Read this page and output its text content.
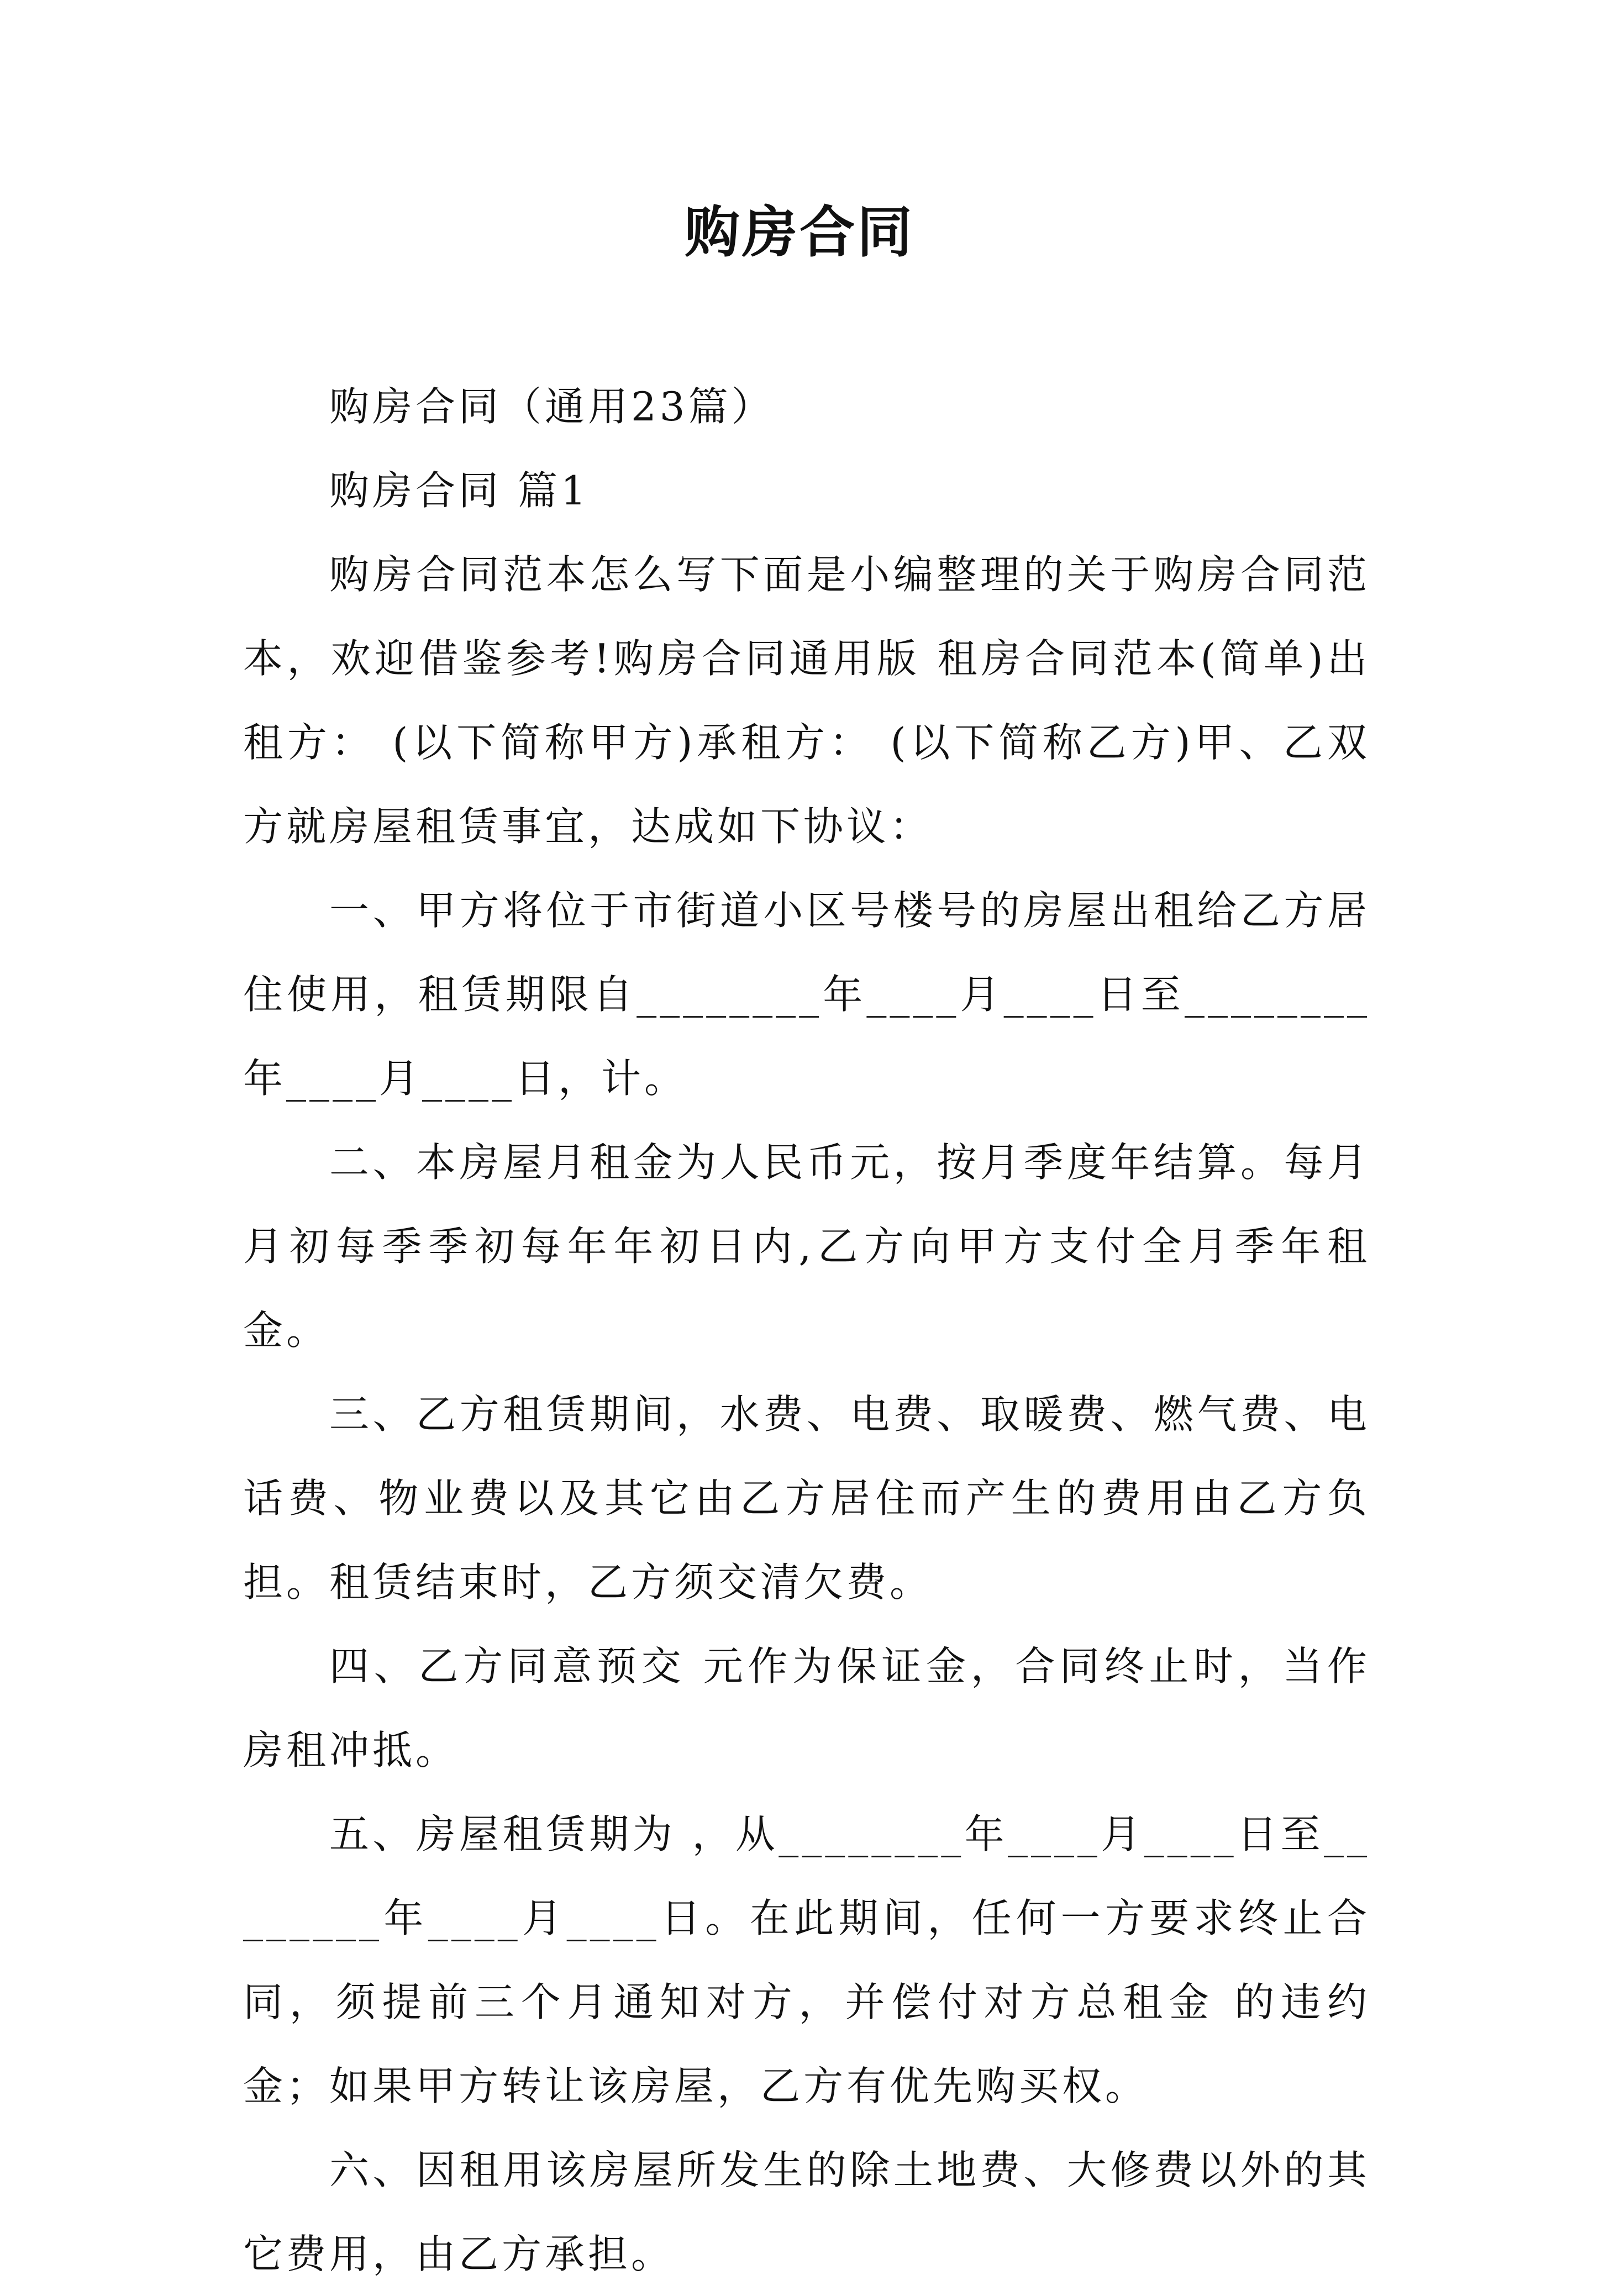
购房合同

购房合同（通用23篇）

购房合同 篇1

购房合同范本怎么写下面是小编整理的关于购房合同范本，欢迎借鉴参考!购房合同通用版 租房合同范本(简单)出租方： (以下简称甲方)承租方： (以下简称乙方)甲、乙双方就房屋租赁事宜，达成如下协议：

一、甲方将位于市街道小区号楼号的房屋出租给乙方居住使用，租赁期限自________年____月____日至________年____月____日，计。

二、本房屋月租金为人民币元，按月季度年结算。每月月初每季季初每年年初日内,乙方向甲方支付全月季年租金。

三、乙方租赁期间，水费、电费、取暖费、燃气费、电话费、物业费以及其它由乙方居住而产生的费用由乙方负担。租赁结束时，乙方须交清欠费。

四、乙方同意预交 元作为保证金，合同终止时，当作房租冲抵。

五、房屋租赁期为 ，从________年____月____日至________年____月____日。在此期间，任何一方要求终止合同，须提前三个月通知对方，并偿付对方总租金 的违约金；如果甲方转让该房屋，乙方有优先购买权。

六、因租用该房屋所发生的除土地费、大修费以外的其它费用，由乙方承担。
